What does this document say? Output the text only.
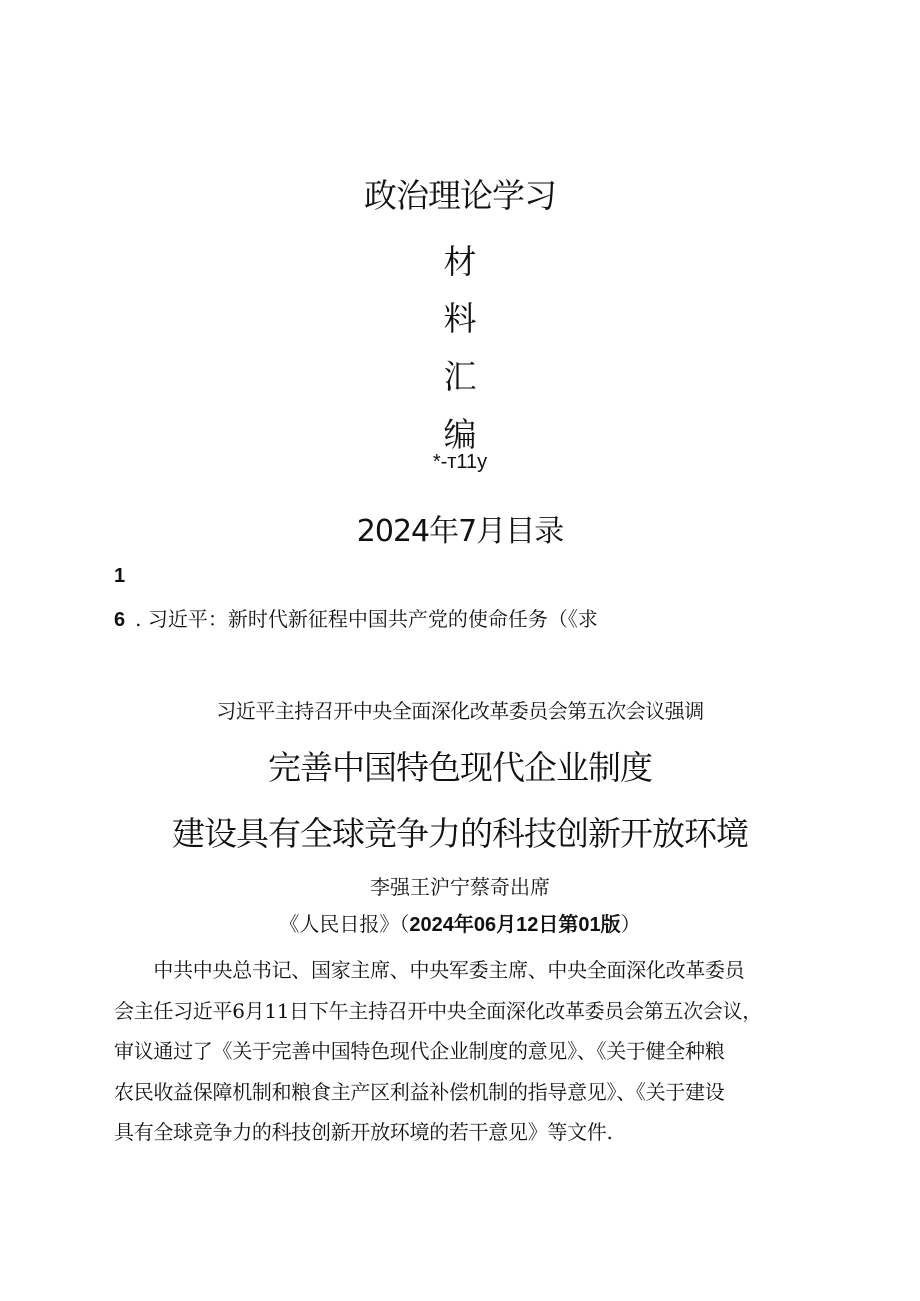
政治理论学习
材
料
汇
编
*-т11y
2024年7月目录
1
6 . 习近平：新时代新征程中国共产党的使命任务（《求
习近平主持召开中央全面深化改革委员会第五次会议强调
完善中国特色现代企业制度
建设具有全球竞争力的科技创新开放环境
李强王沪宁蔡奇出席
《人民日报》（2024年06月12日第01版）
　　中共中央总书记、国家主席、中央军委主席、中央全面深化改革委员
会主任习近平6月11日下午主持召开中央全面深化改革委员会第五次会议，
审议通过了《关于完善中国特色现代企业制度的意见》、《关于健全种粮
农民收益保障机制和粮食主产区利益补偿机制的指导意见》、《关于建设
具有全球竞争力的科技创新开放环境的若干意见》等文件.
